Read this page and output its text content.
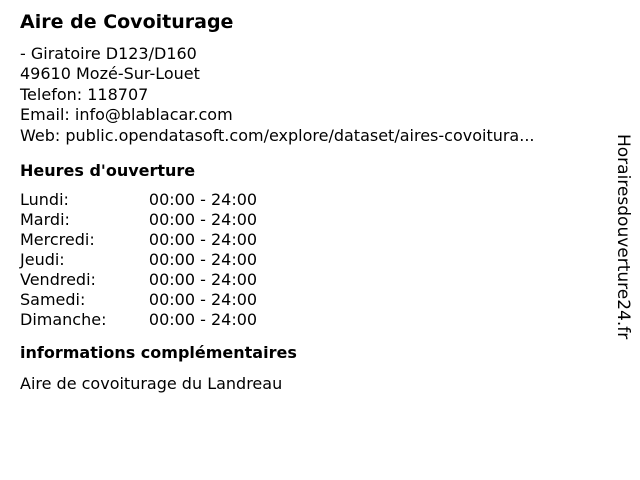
Aire de Covoiturage
- Giratoire D123/D160
49610 Mozé-Sur-Louet
Telefon: 118707
Email: info@blablacar.com
Web: public.opendatasoft.com/explore/dataset/aires-covoitura...
Heures d'ouverture
Lundi:	00:00 - 24:00
Mardi:	00:00 - 24:00
Mercredi:	00:00 - 24:00
Jeudi:	00:00 - 24:00
Vendredi:	00:00 - 24:00
Samedi:	00:00 - 24:00
Dimanche:	00:00 - 24:00
informations complémentaires
Aire de covoiturage du Landreau
Horairesdouverture24.fr
